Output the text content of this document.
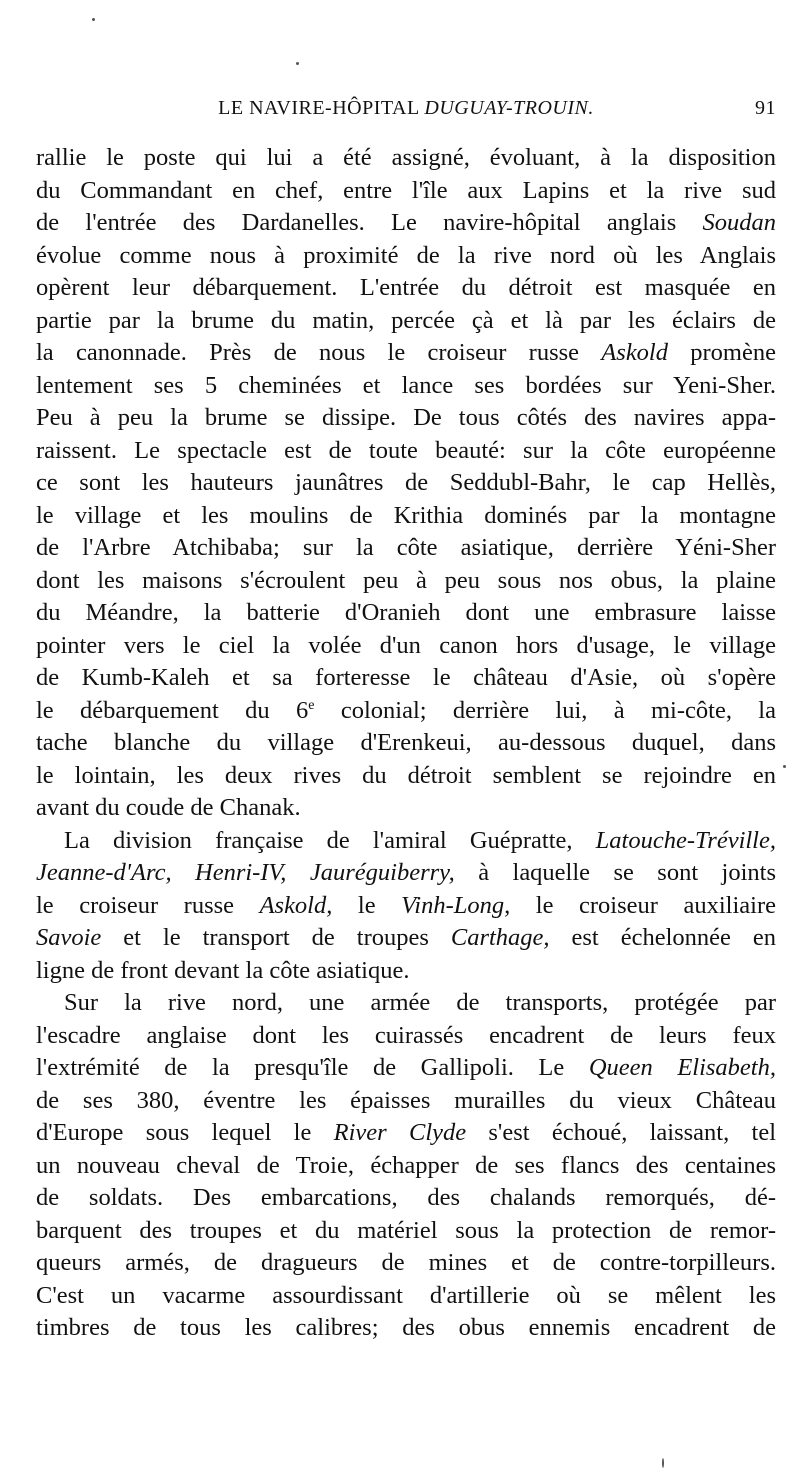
LE NAVIRE-HÔPITAL DUGUAY-TROUIN.	91
rallie le poste qui lui a été assigné, évoluant, à la disposition
du Commandant en chef, entre l'île aux Lapins et la rive sud
de l'entrée des Dardanelles. Le navire-hôpital anglais Soudan
évolue comme nous à proximité de la rive nord où les Anglais
opèrent leur débarquement. L'entrée du détroit est masquée en
partie par la brume du matin, percée çà et là par les éclairs de
la canonnade. Près de nous le croiseur russe Askold promène
lentement ses 5 cheminées et lance ses bordées sur Yeni-Sher.
Peu à peu la brume se dissipe. De tous côtés des navires appa-
raissent. Le spectacle est de toute beauté: sur la côte européenne
ce sont les hauteurs jaunâtres de Seddubl-Bahr, le cap Hellès,
le village et les moulins de Krithia dominés par la montagne
de l'Arbre Atchibaba; sur la côte asiatique, derrière Yéni-Sher
dont les maisons s'écroulent peu à peu sous nos obus, la plaine
du Méandre, la batterie d'Oranieh dont une embrasure laisse
pointer vers le ciel la volée d'un canon hors d'usage, le village
de Kumb-Kaleh et sa forteresse le château d'Asie, où s'opère
le débarquement du 6e colonial; derrière lui, à mi-côte, la
tache blanche du village d'Erenkeui, au-dessous duquel, dans
le lointain, les deux rives du détroit semblent se rejoindre en
avant du coude de Chanak.
La division française de l'amiral Guépratte, Latouche-Tréville,
Jeanne-d'Arc, Henri-IV, Jauréguiberry, à laquelle se sont joints
le croiseur russe Askold, le Vinh-Long, le croiseur auxiliaire
Savoie et le transport de troupes Carthage, est échelonnée en
ligne de front devant la côte asiatique.
Sur la rive nord, une armée de transports, protégée par
l'escadre anglaise dont les cuirassés encadrent de leurs feux
l'extrémité de la presqu'île de Gallipoli. Le Queen Elisabeth,
de ses 380, éventre les épaisses murailles du vieux Château
d'Europe sous lequel le River Clyde s'est échoué, laissant, tel
un nouveau cheval de Troie, échapper de ses flancs des centaines
de soldats. Des embarcations, des chalands remorqués, dé-
barquent des troupes et du matériel sous la protection de remor-
queurs armés, de dragueurs de mines et de contre-torpilleurs.
C'est un vacarme assourdissant d'artillerie où se mêlent les
timbres de tous les calibres; des obus ennemis encadrent de
